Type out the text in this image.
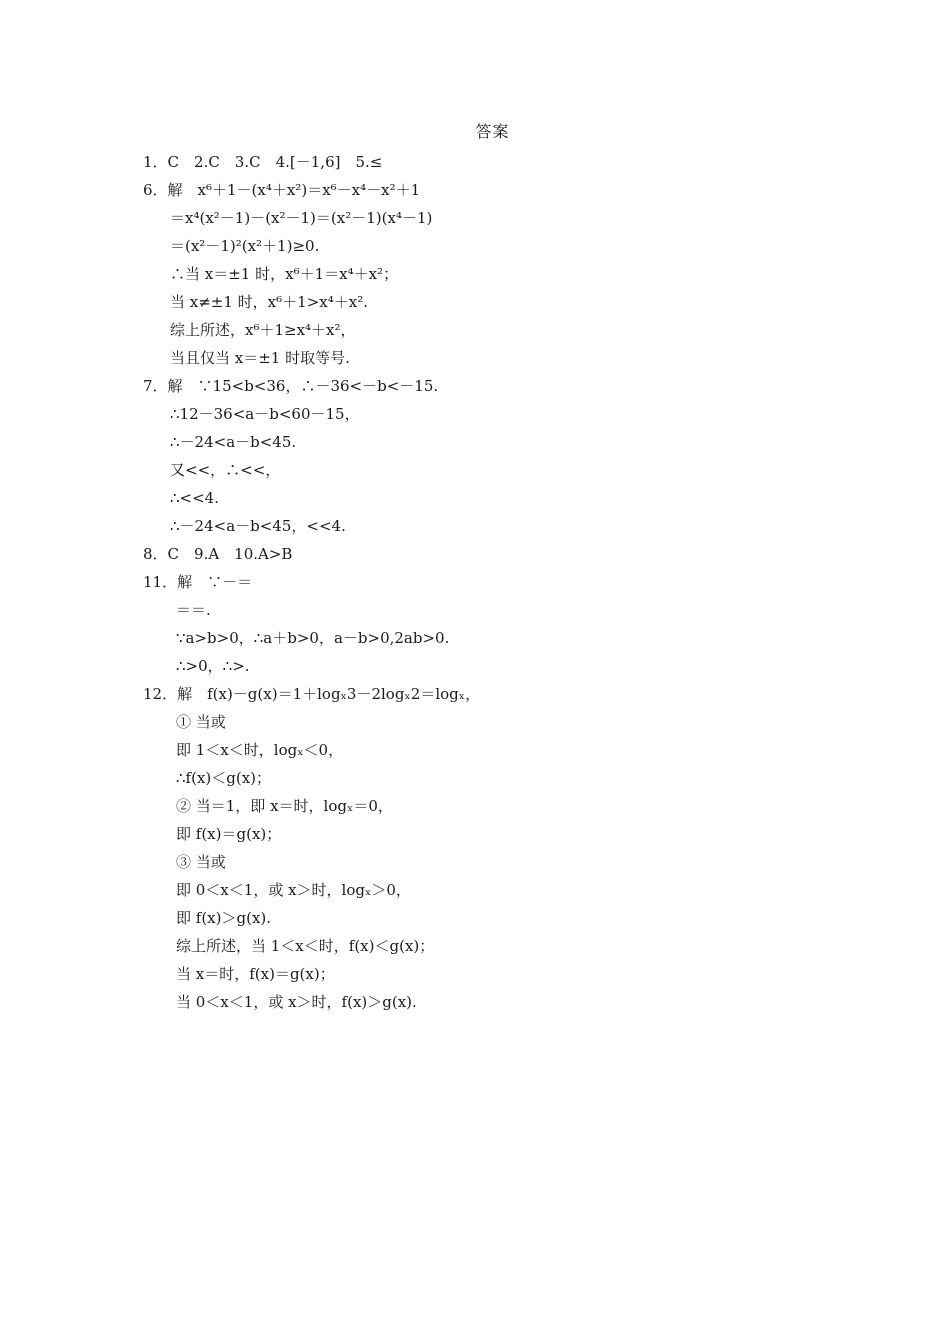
答案
1．C　2.C　3.C　4.[－1,6]　5.≤
6．解　x⁶＋1－(x⁴＋x²)＝x⁶－x⁴－x²＋1
＝x⁴(x²－1)－(x²－1)＝(x²－1)(x⁴－1)
＝(x²－1)²(x²＋1)≥0.
∴当 x＝±1 时，x⁶＋1＝x⁴＋x²；
当 x≠±1 时，x⁶＋1>x⁴＋x².
综上所述，x⁶＋1≥x⁴＋x²，
当且仅当 x＝±1 时取等号.
7．解　∵15<b<36，∴－36<－b<－15.
∴12－36<a－b<60－15，
∴－24<a－b<45.
又<<，∴<<，
∴<<4.
∴－24<a－b<45，<<4.
8．C　9.A　10.A>B
11．解　∵－＝
＝＝.
∵a>b>0，∴a＋b>0，a－b>0,2ab>0.
∴>0，∴>.
12．解　f(x)－g(x)＝1＋logₓ3－2logₓ2＝logₓ，
① 当或
即 1＜x＜时，logₓ＜0，
∴f(x)＜g(x)；
② 当＝1，即 x＝时，logₓ＝0，
即 f(x)＝g(x)；
③ 当或
即 0＜x＜1，或 x＞时，logₓ＞0，
即 f(x)＞g(x).
综上所述，当 1＜x＜时，f(x)＜g(x)；
当 x＝时，f(x)＝g(x)；
当 0＜x＜1，或 x＞时，f(x)＞g(x).
